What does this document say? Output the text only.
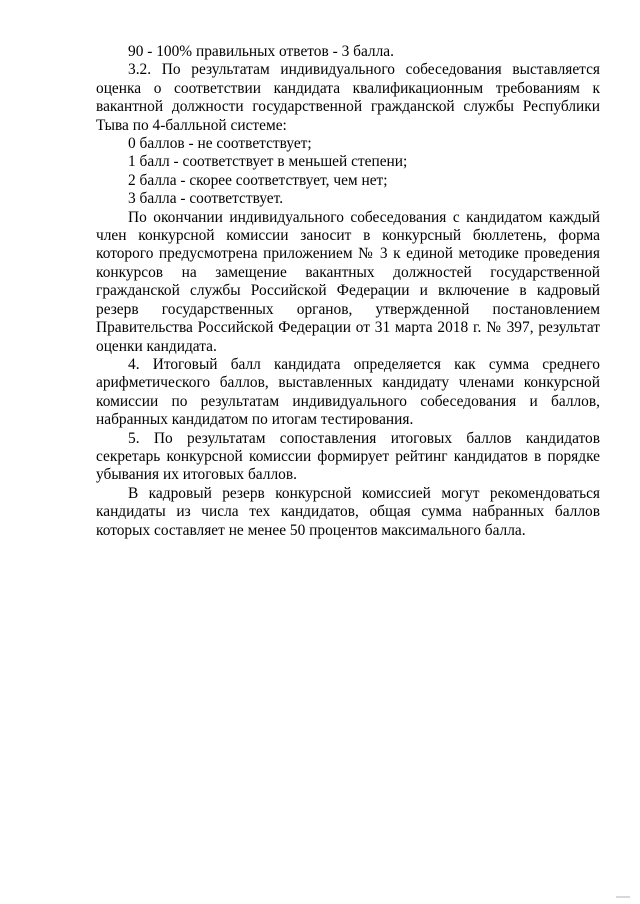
90 - 100% правильных ответов - 3 балла.

3.2. По результатам индивидуального собеседования выставляется оценка о соответствии кандидата квалификационным требованиям к вакантной должности государственной гражданской службы Республики Тыва по 4-балльной системе:

0 баллов - не соответствует;

1 балл - соответствует в меньшей степени;

2 балла - скорее соответствует, чем нет;

3 балла - соответствует.

По окончании индивидуального собеседования с кандидатом каждый член конкурсной комиссии заносит в конкурсный бюллетень, форма которого предусмотрена приложением № 3 к единой методике проведения конкурсов на замещение вакантных должностей государственной гражданской службы Российской Федерации и включение в кадровый резерв государственных органов, утвержденной постановлением Правительства Российской Федерации от 31 марта 2018 г. № 397, результат оценки кандидата.

4. Итоговый балл кандидата определяется как сумма среднего арифметического баллов, выставленных кандидату членами конкурсной комиссии по результатам индивидуального собеседования и баллов, набранных кандидатом по итогам тестирования.

5. По результатам сопоставления итоговых баллов кандидатов секретарь конкурсной комиссии формирует рейтинг кандидатов в порядке убывания их итоговых баллов.

В кадровый резерв конкурсной комиссией могут рекомендоваться кандидаты из числа тех кандидатов, общая сумма набранных баллов которых составляет не менее 50 процентов максимального балла.
